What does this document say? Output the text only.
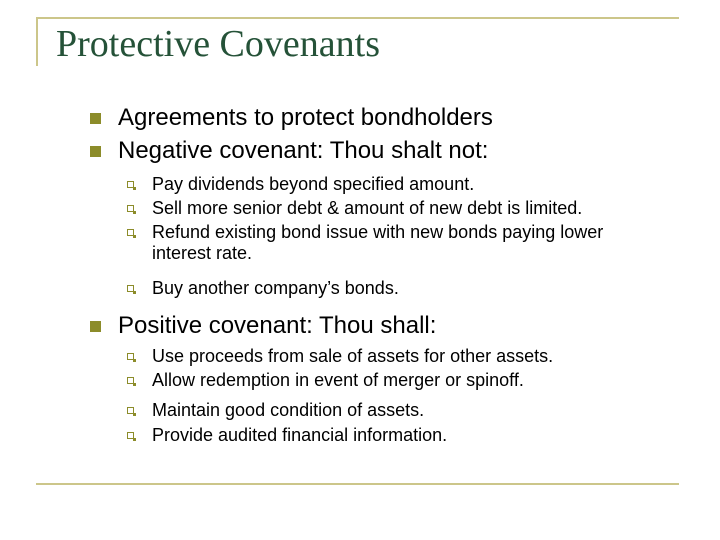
Protective Covenants
Agreements to protect bondholders
Negative covenant: Thou shalt not:
Pay dividends beyond specified amount.
Sell more senior debt & amount of new debt is limited.
Refund existing bond issue with new bonds paying lower
interest rate.
Buy another company’s bonds.
Positive covenant: Thou shall:
Use proceeds from sale of assets for other assets.
Allow redemption in event of merger or spinoff.
Maintain good condition of assets.
Provide audited financial information.
